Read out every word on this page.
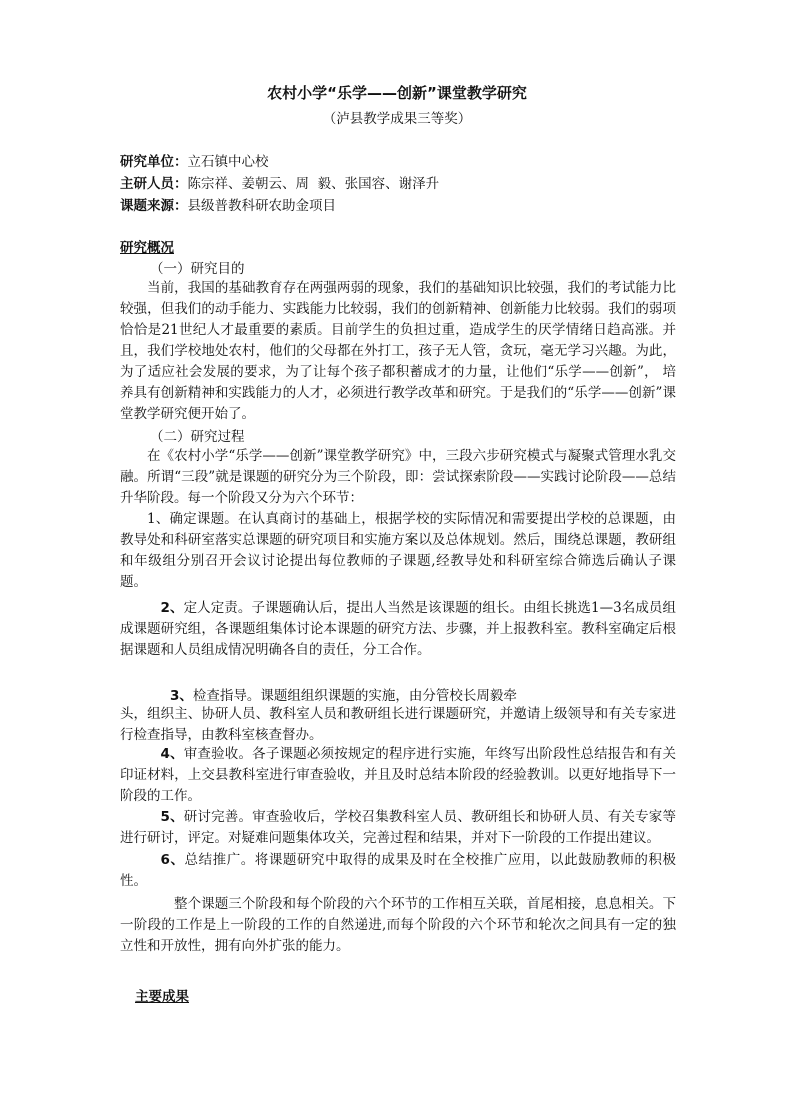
农村小学“乐学——创新”课堂教学研究
（泸县教学成果三等奖）
研究单位：立石镇中心校
主研人员：陈宗祥、姜朝云、周  毅、张国容、谢泽升
课题来源：县级普教科研农助金项目
研究概况
（一）研究目的

当前，我国的基础教育存在两强两弱的现象，我们的基础知识比较强，我们的考试能力比较强，但我们的动手能力、实践能力比较弱，我们的创新精神、创新能力比较弱。我们的弱项恰恰是21世纪人才最重要的素质。目前学生的负担过重，造成学生的厌学情绪日趋高涨。并且，我们学校地处农村，他们的父母都在外打工，孩子无人管，贪玩，毫无学习兴趣。为此，为了适应社会发展的要求，为了让每个孩子都积蓄成才的力量，让他们“乐学——创新”， 培养具有创新精神和实践能力的人才，必须进行教学改革和研究。于是我们的“乐学——创新”课堂教学研究便开始了。

（二）研究过程

在《农村小学“乐学——创新”课堂教学研究》中，三段六步研究模式与凝聚式管理水乳交融。所谓“三段”就是课题的研究分为三个阶段，即：尝试探索阶段——实践讨论阶段——总结升华阶段。每一个阶段又分为六个环节：

1、确定课题。在认真商讨的基础上，根据学校的实际情况和需要提出学校的总课题，由教导处和科研室落实总课题的研究项目和实施方案以及总体规划。然后，围绕总课题，教研组和年级组分别召开会议讨论提出每位教师的子课题,经教导处和科研室综合筛选后确认子课题。

2、定人定责。子课题确认后，提出人当然是该课题的组长。由组长挑选1—3名成员组成课题研究组，各课题组集体讨论本课题的研究方法、步骤，并上报教科室。教科室确定后根据课题和人员组成情况明确各自的责任，分工合作。

3、检查指导。课题组组织课题的实施，由分管校长周毅牵

头，组织主、协研人员、教科室人员和教研组长进行课题研究，并邀请上级领导和有关专家进行检查指导，由教科室核查督办。

4、审查验收。各子课题必须按规定的程序进行实施，年终写出阶段性总结报告和有关印证材料，上交县教科室进行审查验收，并且及时总结本阶段的经验教训。以更好地指导下一阶段的工作。

5、研讨完善。审查验收后，学校召集教科室人员、教研组长和协研人员、有关专家等进行研讨，评定。对疑难问题集体攻关，完善过程和结果，并对下一阶段的工作提出建议。

6、总结推广。将课题研究中取得的成果及时在全校推广应用，以此鼓励教师的积极性。

整个课题三个阶段和每个阶段的六个环节的工作相互关联，首尾相接，息息相关。下一阶段的工作是上一阶段的工作的自然递进,而每个阶段的六个环节和轮次之间具有一定的独立性和开放性，拥有向外扩张的能力。

主要成果
